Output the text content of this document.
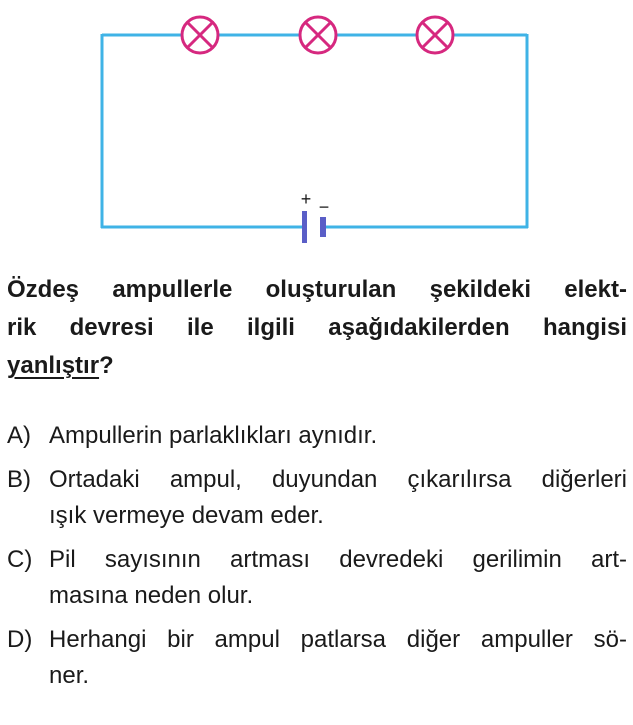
+ −
Özdeş ampullerle oluşturulan şekildeki elekt-
rik devresi ile ilgili aşağıdakilerden hangisi
yanlıştır?
A) Ampullerin parlaklıkları aynıdır.
B) Ortadaki ampul, duyundan çıkarılırsa diğerleri
ışık vermeye devam eder.
C) Pil sayısının artması devredeki gerilimin art-
masına neden olur.
D) Herhangi bir ampul patlarsa diğer ampuller sö-
ner.
